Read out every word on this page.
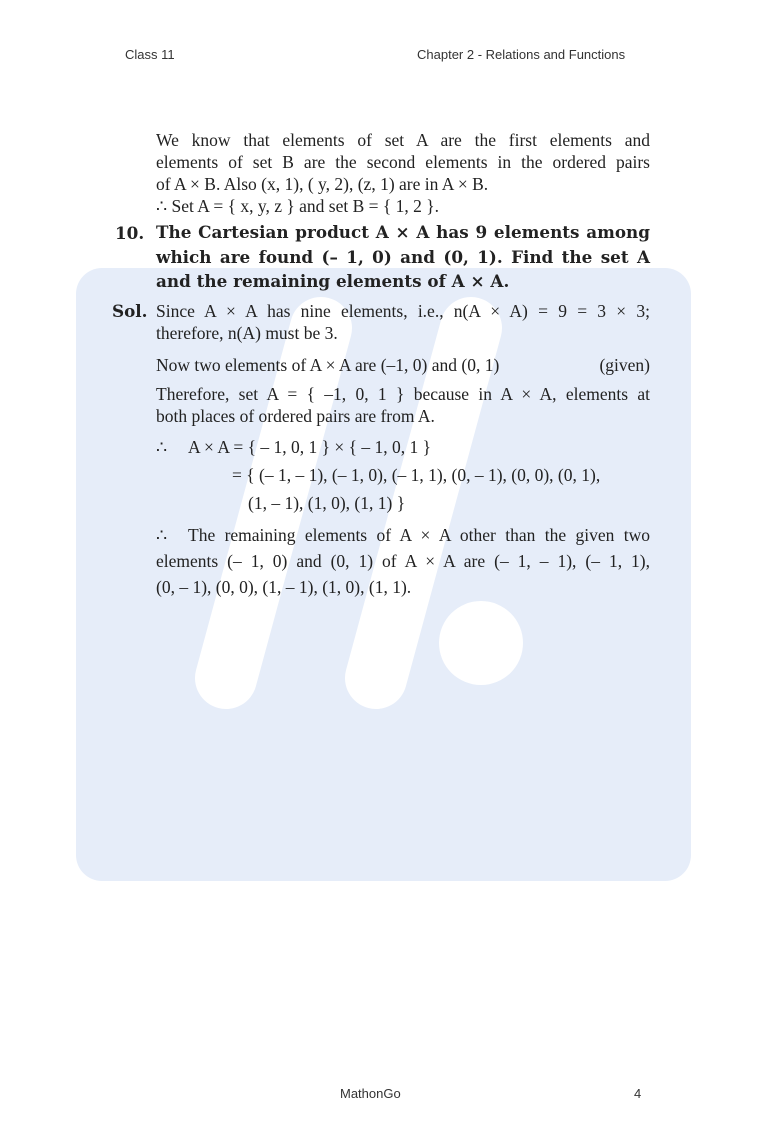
Class 11	Chapter 2 - Relations and Functions
We know that elements of set A are the first elements and
elements of set B are the second elements in the ordered pairs
of A × B. Also (x, 1), ( y, 2), (z, 1) are in A × B.
∴ Set A = { x, y, z } and set B = { 1, 2 }.
10. The Cartesian product A × A has 9 elements among
which are found (– 1, 0) and (0, 1). Find the set A
and the remaining elements of A × A.
Sol. Since A × A has nine elements, i.e., n(A × A) = 9 = 3 × 3;
therefore, n(A) must be 3.
Now two elements of A × A are (–1, 0) and (0, 1)	(given)
Therefore, set A = { –1, 0, 1 } because in A × A, elements at
both places of ordered pairs are from A.
∴ A × A = { – 1, 0, 1 } × { – 1, 0, 1 }
= { (– 1, – 1), (– 1, 0), (– 1, 1), (0, – 1), (0, 0), (0, 1),
(1, – 1), (1, 0), (1, 1) }
∴ The remaining elements of A × A other than the given two
elements (– 1, 0) and (0, 1) of A × A are (– 1, – 1), (– 1, 1),
(0, – 1), (0, 0), (1, – 1), (1, 0), (1, 1).
MathonGo	4
